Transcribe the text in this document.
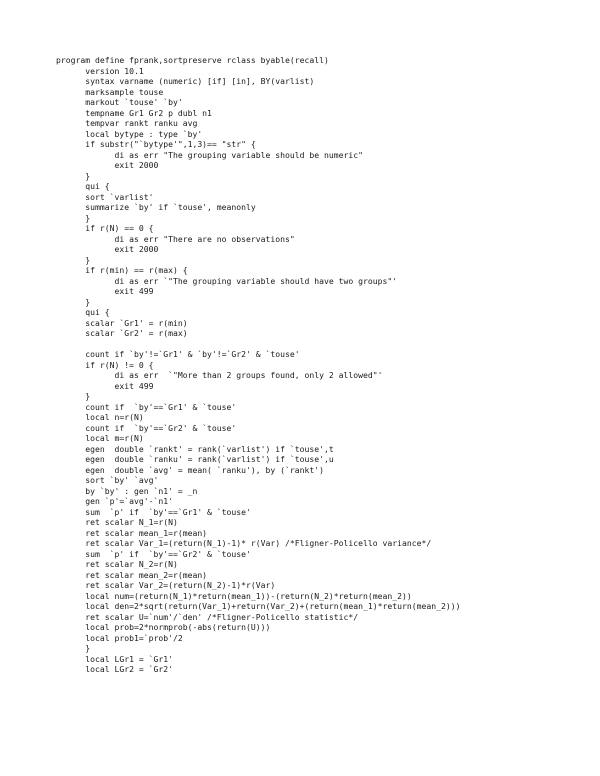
program define fprank,sortpreserve rclass byable(recall)
version 10.1
syntax varname (numeric) [if] [in], BY(varlist)
marksample touse
markout `touse' `by'
tempname Gr1 Gr2 p dubl n1
tempvar rankt ranku avg
local bytype : type `by'
if substr("`bytype'",1,3)== "str" {
di as err "The grouping variable should be numeric"
exit 2000
}
qui {
sort `varlist'
summarize `by' if `touse', meanonly
}
if r(N) == 0 {
di as err "There are no observations"
exit 2000
}
if r(min) == r(max) {
di as err `"The grouping variable should have two groups"'
exit 499
}
qui {
scalar `Gr1' = r(min)
scalar `Gr2' = r(max)
count if `by'!=`Gr1' & `by'!=`Gr2' & `touse'
if r(N) != 0 {
di as err  `"More than 2 groups found, only 2 allowed"'
exit 499
}
count if  `by'==`Gr1' & `touse'
local n=r(N)
count if  `by'==`Gr2' & `touse'
local m=r(N)
egen  double `rankt' = rank(`varlist') if `touse',t
egen  double `ranku' = rank(`varlist') if `touse',u
egen  double `avg' = mean( `ranku'), by (`rankt')
sort `by' `avg'
by `by' : gen `n1' = _n
gen `p'=`avg'-`n1'
sum  `p' if  `by'==`Gr1' & `touse'
ret scalar N_1=r(N)
ret scalar mean_1=r(mean)
ret scalar Var_1=(return(N_1)-1)* r(Var) /*Fligner-Policello variance*/
sum  `p' if  `by'==`Gr2' & `touse'
ret scalar N_2=r(N)
ret scalar mean_2=r(mean)
ret scalar Var_2=(return(N_2)-1)*r(Var)
local num=(return(N_1)*return(mean_1))-(return(N_2)*return(mean_2))
local den=2*sqrt(return(Var_1)+return(Var_2)+(return(mean_1)*return(mean_2)))
ret scalar U=`num'/`den' /*Fligner-Policello statistic*/
local prob=2*normprob(-abs(return(U)))
local prob1=`prob'/2
}
local LGr1 = `Gr1'
local LGr2 = `Gr2'
